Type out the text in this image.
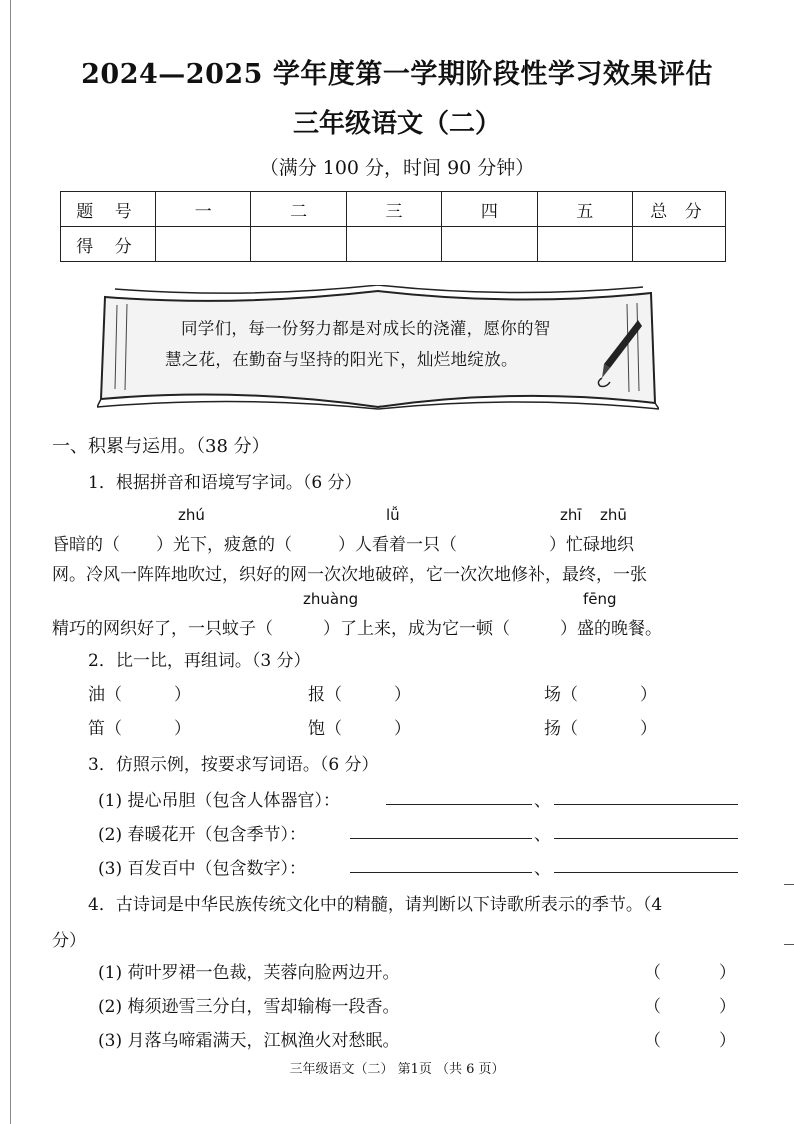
2024—2025 学年度第一学期阶段性学习效果评估
三年级语文（二）
（满分 100 分，时间 90 分钟）
题 号	一	二	三	四	五	总 分
得 分						
同学们，每一份努力都是对成长的浇灌，愿你的智
慧之花，在勤奋与坚持的阳光下，灿烂地绽放。
一、积累与运用。（38 分）
1．根据拼音和语境写字词。（6 分）
zhú	lǚ	zhī zhū
昏暗的（ ）光下，疲惫的（	）人看着一只（	）忙碌地织
网。冷风一阵阵地吹过，织好的网一次次地破碎，它一次次地修补，最终，一张
zhuàng	fēng
精巧的网织好了，一只蚊子（	）了上来，成为它一顿（	）盛的晚餐。
2．比一比，再组词。（3 分）
油（	）	报（	）	场（	）
笛（	）	饱（	）	扬（	）
3．仿照示例，按要求写词语。（6 分）
(1) 提心吊胆（包含人体器官）：	、
(2) 春暖花开（包含季节）：	、
(3) 百发百中（包含数字）：	、
4．古诗词是中华民族传统文化中的精髓，请判断以下诗歌所表示的季节。（4
分）
(1) 荷叶罗裙一色裁，芙蓉向脸两边开。	（	）
(2) 梅须逊雪三分白，雪却输梅一段香。	（	）
(3) 月落乌啼霜满天，江枫渔火对愁眠。	（	）
三年级语文（二） 第1页 （共 6 页）
